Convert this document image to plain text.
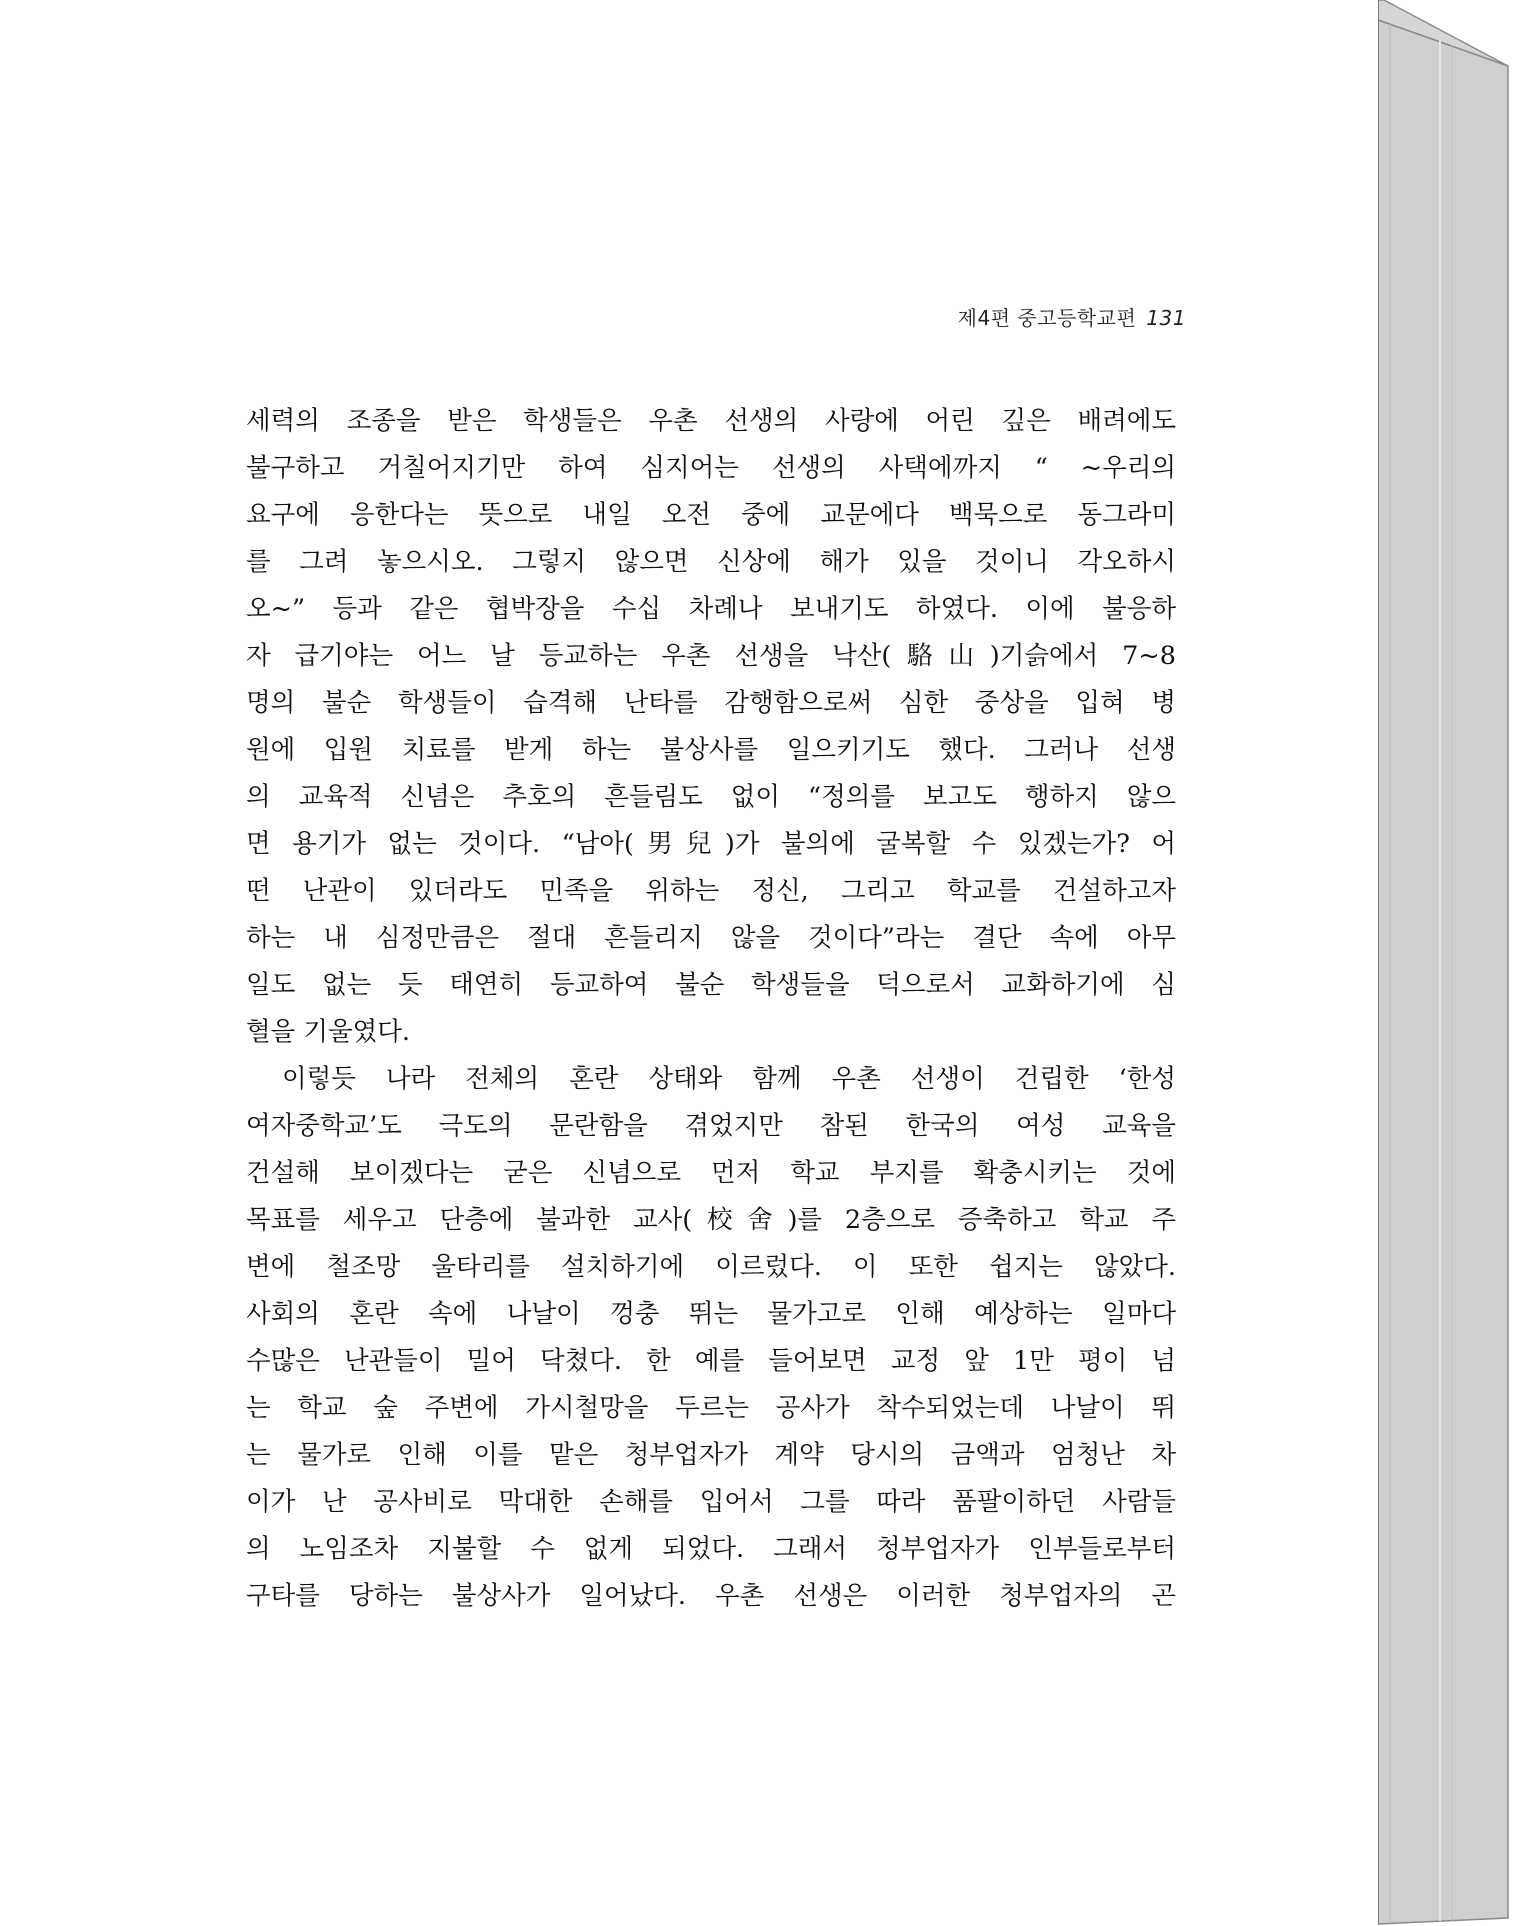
제4편 중고등학교편 131
세력의 조종을 받은 학생들은 우촌 선생의 사랑에 어린 깊은 배려에도
불구하고 거칠어지기만 하여 심지어는 선생의 사택에까지 “ ~우리의
요구에 응한다는 뜻으로 내일 오전 중에 교문에다 백묵으로 동그라미
를 그려 놓으시오. 그렇지 않으면 신상에 해가 있을 것이니 각오하시
오~” 등과 같은 협박장을 수십 차례나 보내기도 하였다. 이에 불응하
자 급기야는 어느 날 등교하는 우촌 선생을 낙산(駱山)기슭에서 7~8
명의 불순 학생들이 습격해 난타를 감행함으로써 심한 중상을 입혀 병
원에 입원 치료를 받게 하는 불상사를 일으키기도 했다. 그러나 선생
의 교육적 신념은 추호의 흔들림도 없이 “정의를 보고도 행하지 않으
면 용기가 없는 것이다. “남아(男兒)가 불의에 굴복할 수 있겠는가? 어
떤 난관이 있더라도 민족을 위하는 정신, 그리고 학교를 건설하고자
하는 내 심정만큼은 절대 흔들리지 않을 것이다”라는 결단 속에 아무
일도 없는 듯 태연히 등교하여 불순 학생들을 덕으로서 교화하기에 심
혈을 기울였다.
이렇듯 나라 전체의 혼란 상태와 함께 우촌 선생이 건립한 ‘한성
여자중학교’도 극도의 문란함을 겪었지만 참된 한국의 여성 교육을
건설해 보이겠다는 굳은 신념으로 먼저 학교 부지를 확충시키는 것에
목표를 세우고 단층에 불과한 교사(校舍)를 2층으로 증축하고 학교 주
변에 철조망 울타리를 설치하기에 이르렀다. 이 또한 쉽지는 않았다.
사회의 혼란 속에 나날이 껑충 뛰는 물가고로 인해 예상하는 일마다
수많은 난관들이 밀어 닥쳤다. 한 예를 들어보면 교정 앞 1만 평이 넘
는 학교 숲 주변에 가시철망을 두르는 공사가 착수되었는데 나날이 뛰
는 물가로 인해 이를 맡은 청부업자가 계약 당시의 금액과 엄청난 차
이가 난 공사비로 막대한 손해를 입어서 그를 따라 품팔이하던 사람들
의 노임조차 지불할 수 없게 되었다. 그래서 청부업자가 인부들로부터
구타를 당하는 불상사가 일어났다. 우촌 선생은 이러한 청부업자의 곤
